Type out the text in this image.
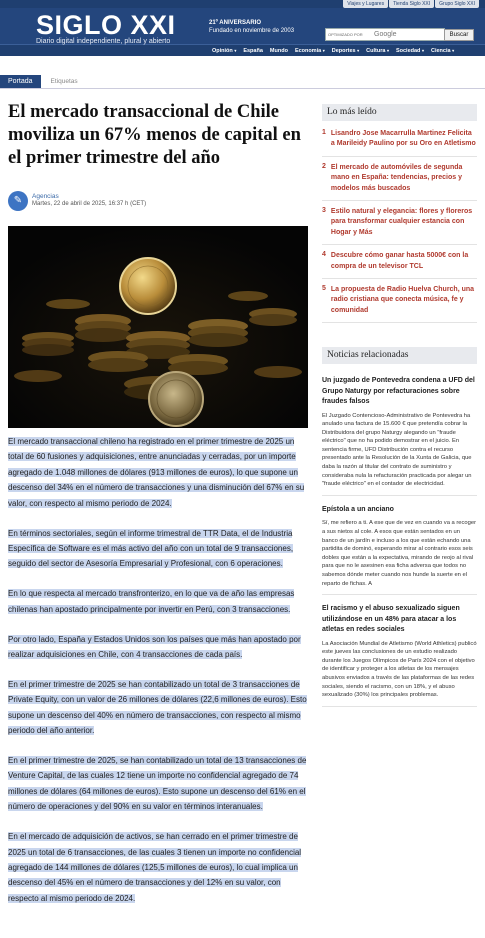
Viajes y Lugares	Tienda Siglo XXI	Grupo Siglo XXI
SIGLO XXI
Diario digital independiente, plural y abierto
21º ANIVERSARIO
Fundado en noviembre de 2003
OPTIMIZADO POR	Google	Buscar
Opinión ▾ España Mundo Economía ▾ Deportes ▾ Cultura ▾ Sociedad ▾ Ciencia ▾
Portada	Etiquetas
El mercado transaccional de Chile moviliza un 67% menos de capital en el primer trimestre del año
✎	Agencias
Martes, 22 de abril de 2025, 16:37 h (CET)

El mercado transaccional chileno ha registrado en el primer trimestre de 2025 un total de 60 fusiones y adquisiciones, entre anunciadas y cerradas, por un importe agregado de 1.048 millones de dólares (913 millones de euros), lo que supone un descenso del 34% en el número de transacciones y una disminución del 67% en su valor, con respecto al mismo periodo de 2024.

En términos sectoriales, según el informe trimestral de TTR Data, el de Industria Específica de Software es el más activo del año con un total de 9 transacciones, seguido del sector de Asesoría Empresarial y Profesional, con 6 operaciones.

En lo que respecta al mercado transfronterizo, en lo que va de año las empresas chilenas han apostado principalmente por invertir en Perú, con 3 transacciones.

Por otro lado, España y Estados Unidos son los países que más han apostado por realizar adquisiciones en Chile, con 4 transacciones de cada país.

En el primer trimestre de 2025 se han contabilizado un total de 3 transacciones de Private Equity, con un valor de 26 millones de dólares (22,6 millones de euros). Esto supone un descenso del 40% en número de transacciones, con respecto al mismo periodo del año anterior.

En el primer trimestre de 2025, se han contabilizado un total de 13 transacciones de Venture Capital, de las cuales 12 tiene un importe no confidencial agregado de 74 millones de dólares (64 millones de euros). Esto supone un descenso del 61% en el número de operaciones y del 90% en su valor en términos interanuales.

En el mercado de adquisición de activos, se han cerrado en el primer trimestre de 2025 un total de 6 transacciones, de las cuales 3 tienen un importe no confidencial agregado de 144 millones de dólares (125,5 millones de euros), lo cual implica un descenso del 45% en el número de transacciones y del 12% en su valor, con respecto al mismo periodo de 2024.

Lo más leído
1 Lisandro Jose Macarrulla Martinez Felicita a Marileidy Paulino por su Oro en Atletismo
2 El mercado de automóviles de segunda mano en España: tendencias, precios y modelos más buscados
3 Estilo natural y elegancia: flores y floreros para transformar cualquier estancia con Hogar y Más
4 Descubre cómo ganar hasta 5000€ con la compra de un televisor TCL
5 La propuesta de Radio Huelva Church, una radio cristiana que conecta música, fe y comunidad
Noticias relacionadas
Un juzgado de Pontevedra condena a UFD del Grupo Naturgy por refacturaciones sobre fraudes falsos
El Juzgado Contencioso-Administrativo de Pontevedra ha anulado una factura de 15.600 € que pretendía cobrar la Distribuidora del grupo Naturgy alegando un "fraude eléctrico" que no ha podido demostrar en el juicio. En sentencia firme, UFD Distribución contra el recurso presentado ante la Resolución de la Xunta de Galicia, que daba la razón al titular del contrato de suministro y consideraba nula la refacturación practicada por alegar un "fraude eléctrico" en el contador de electricidad.
Epístola a un anciano
Sí, me refiero a ti. A ese que de vez en cuando va a recoger a sus nietos al cole. A esos que están sentados en un banco de un jardín e incluso a los que están echando una partidita de dominó, esperando mirar al contrario esos seis dobles que están a la expectativa, mirando de reojo al rival para que no le asesinen esa ficha adversa que todos no sabemos dónde meter cuando nos hunde la suerte en el reparto de fichas. A
El racismo y el abuso sexualizado siguen utilizándose en un 48% para atacar a los atletas en redes sociales
La Asociación Mundial de Atletismo (World Athletics) publicó este jueves las conclusiones de un estudio realizado durante los Juegos Olímpicos de París 2024 con el objetivo de identificar y proteger a los atletas de los mensajes abusivos enviados a través de las plataformas de las redes sociales, siendo el racismo, con un 18%, y el abuso sexualizado (30%) los principales problemas.
